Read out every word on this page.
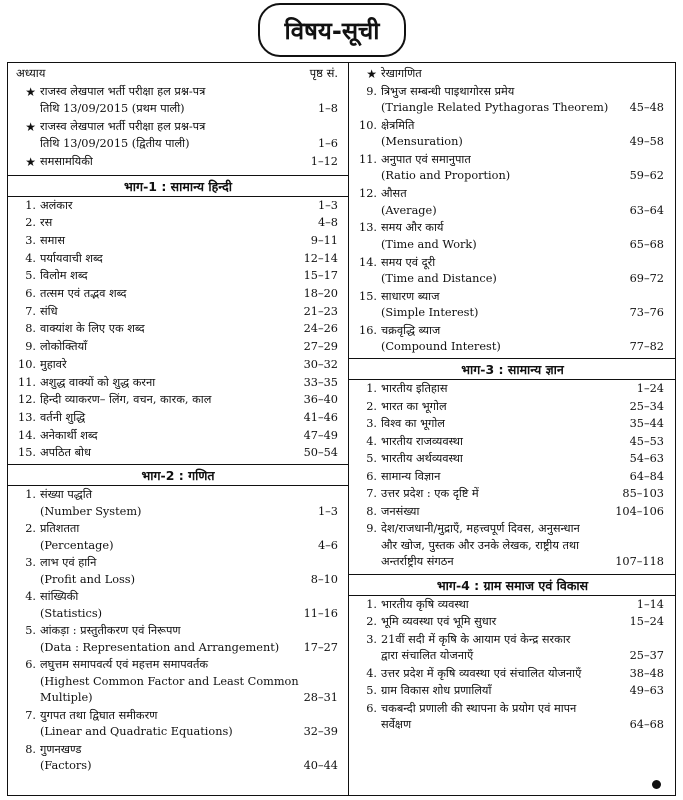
विषय-सूची
अध्याय	पृष्ठ सं.
★ राजस्व लेखपाल भर्ती परीक्षा हल प्रश्न-पत्र
तिथि 13/09/2015 (प्रथम पाली)	1–8
★ राजस्व लेखपाल भर्ती परीक्षा हल प्रश्न-पत्र
तिथि 13/09/2015 (द्वितीय पाली)	1–6
★ समसामयिकी	1–12
भाग-1 : सामान्य हिन्दी
1. अलंकार	1–3
2. रस	4–8
3. समास	9–11
4. पर्यायवाची शब्द	12–14
5. विलोम शब्द	15–17
6. तत्सम एवं तद्भव शब्द	18–20
7. संधि	21–23
8. वाक्यांश के लिए एक शब्द	24–26
9. लोकोक्तियाँ	27–29
10. मुहावरे	30–32
11. अशुद्ध वाक्यों को शुद्ध करना	33–35
12. हिन्दी व्याकरण– लिंग, वचन, कारक, काल	36–40
13. वर्तनी शुद्धि	41–46
14. अनेकार्थी शब्द	47–49
15. अपठित बोध	50–54
भाग-2 : गणित
1. संख्या पद्धति
(Number System)	1–3
2. प्रतिशतता
(Percentage)	4–6
3. लाभ एवं हानि
(Profit and Loss)	8–10
4. सांख्यिकी
(Statistics)	11–16
5. आंकड़ा : प्रस्तुतीकरण एवं निरूपण
(Data : Representation and Arrangement) 17–27
6. लघुत्तम समापवर्त्य एवं महत्तम समापवर्तक
(Highest Common Factor and Least Common
Multiple)	28–31
7. युगपत तथा द्विघात समीकरण
(Linear and Quadratic Equations)	32–39
8. गुणनखण्ड
(Factors)	40–44
★ रेखागणित
9. त्रिभुज सम्बन्धी पाइथागोरस प्रमेय
(Triangle Related Pythagoras Theorem) 45–48
10. क्षेत्रमिति
(Mensuration)	49–58
11. अनुपात एवं समानुपात
(Ratio and Proportion)	59–62
12. औसत
(Average)	63–64
13. समय और कार्य
(Time and Work)	65–68
14. समय एवं दूरी
(Time and Distance)	69–72
15. साधारण ब्याज
(Simple Interest)	73–76
16. चक्रवृद्धि ब्याज
(Compound Interest)	77–82
भाग-3 : सामान्य ज्ञान
1. भारतीय इतिहास	1–24
2. भारत का भूगोल	25–34
3. विश्व का भूगोल	35–44
4. भारतीय राजव्यवस्था	45–53
5. भारतीय अर्थव्यवस्था	54–63
6. सामान्य विज्ञान	64–84
7. उत्तर प्रदेश : एक दृष्टि में	85–103
8. जनसंख्या	104–106
9. देश/राजधानी/मुद्राएँ, महत्त्वपूर्ण दिवस, अनुसन्धान
और खोज, पुस्तक और उनके लेखक, राष्ट्रीय तथा
अन्तर्राष्ट्रीय संगठन	107–118
भाग-4 : ग्राम समाज एवं विकास
1. भारतीय कृषि व्यवस्था	1–14
2. भूमि व्यवस्था एवं भूमि सुधार	15–24
3. 21वीं सदी में कृषि के आयाम एवं केन्द्र सरकार
द्वारा संचालित योजनाएँ	25–37
4. उत्तर प्रदेश में कृषि व्यवस्था एवं संचालित योजनाएँ	38–48
5. ग्राम विकास शोध प्रणालियाँ	49–63
6. चकबन्दी प्रणाली की स्थापना के प्रयोग एवं मापन
सर्वेक्षण	64–68
